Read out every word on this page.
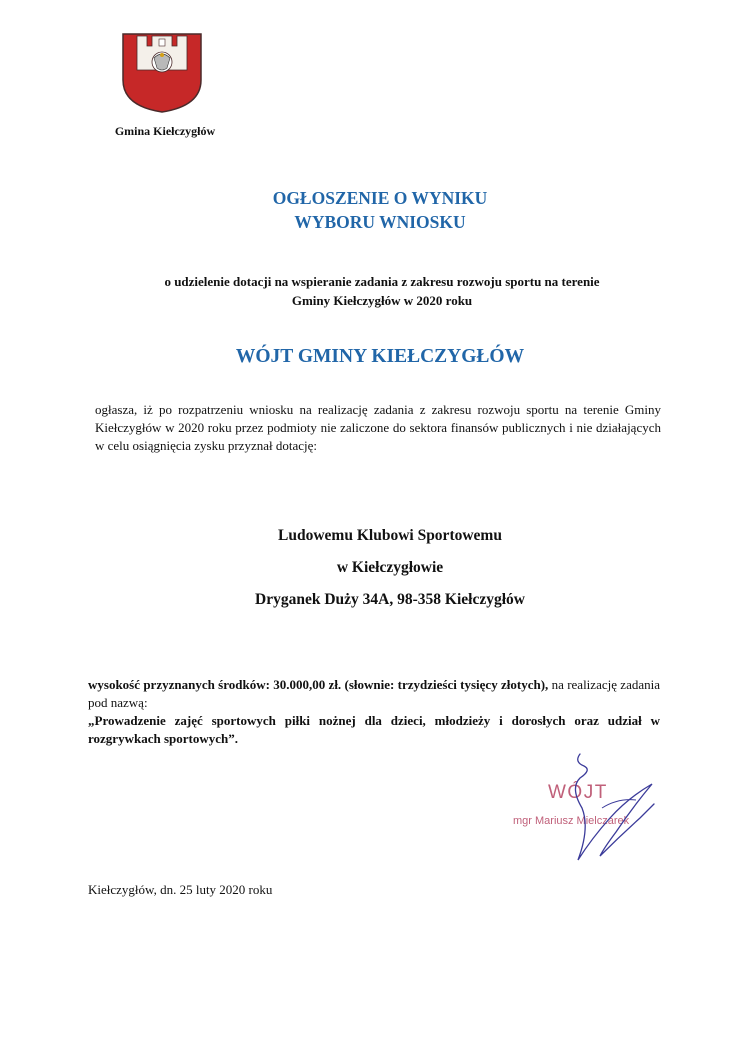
Gmina Kiełczygłów
OGŁOSZENIE O WYNIKU
WYBORU WNIOSKU
o udzielenie dotacji na wspieranie zadania z zakresu rozwoju sportu na terenie
Gminy Kiełczygłów w 2020 roku
WÓJT GMINY KIEŁCZYGŁÓW
ogłasza, iż po rozpatrzeniu wniosku na realizację zadania z zakresu rozwoju sportu na terenie Gminy Kiełczygłów w 2020 roku przez podmioty nie zaliczone do sektora finansów publicznych i nie działających w celu osiągnięcia zysku przyznał dotację:
Ludowemu Klubowi Sportowemu
w Kiełczygłowie
Dryganek Duży 34A, 98-358 Kiełczygłów
wysokość przyznanych środków: 30.000,00 zł. (słownie: trzydzieści tysięcy złotych), na realizację zadania pod nazwą:
„Prowadzenie zajęć sportowych piłki nożnej dla dzieci, młodzieży i dorosłych oraz udział w rozgrywkach sportowych”.
WÓJT
mgr Mariusz Mielczarek
Kiełczygłów, dn. 25 luty 2020 roku
